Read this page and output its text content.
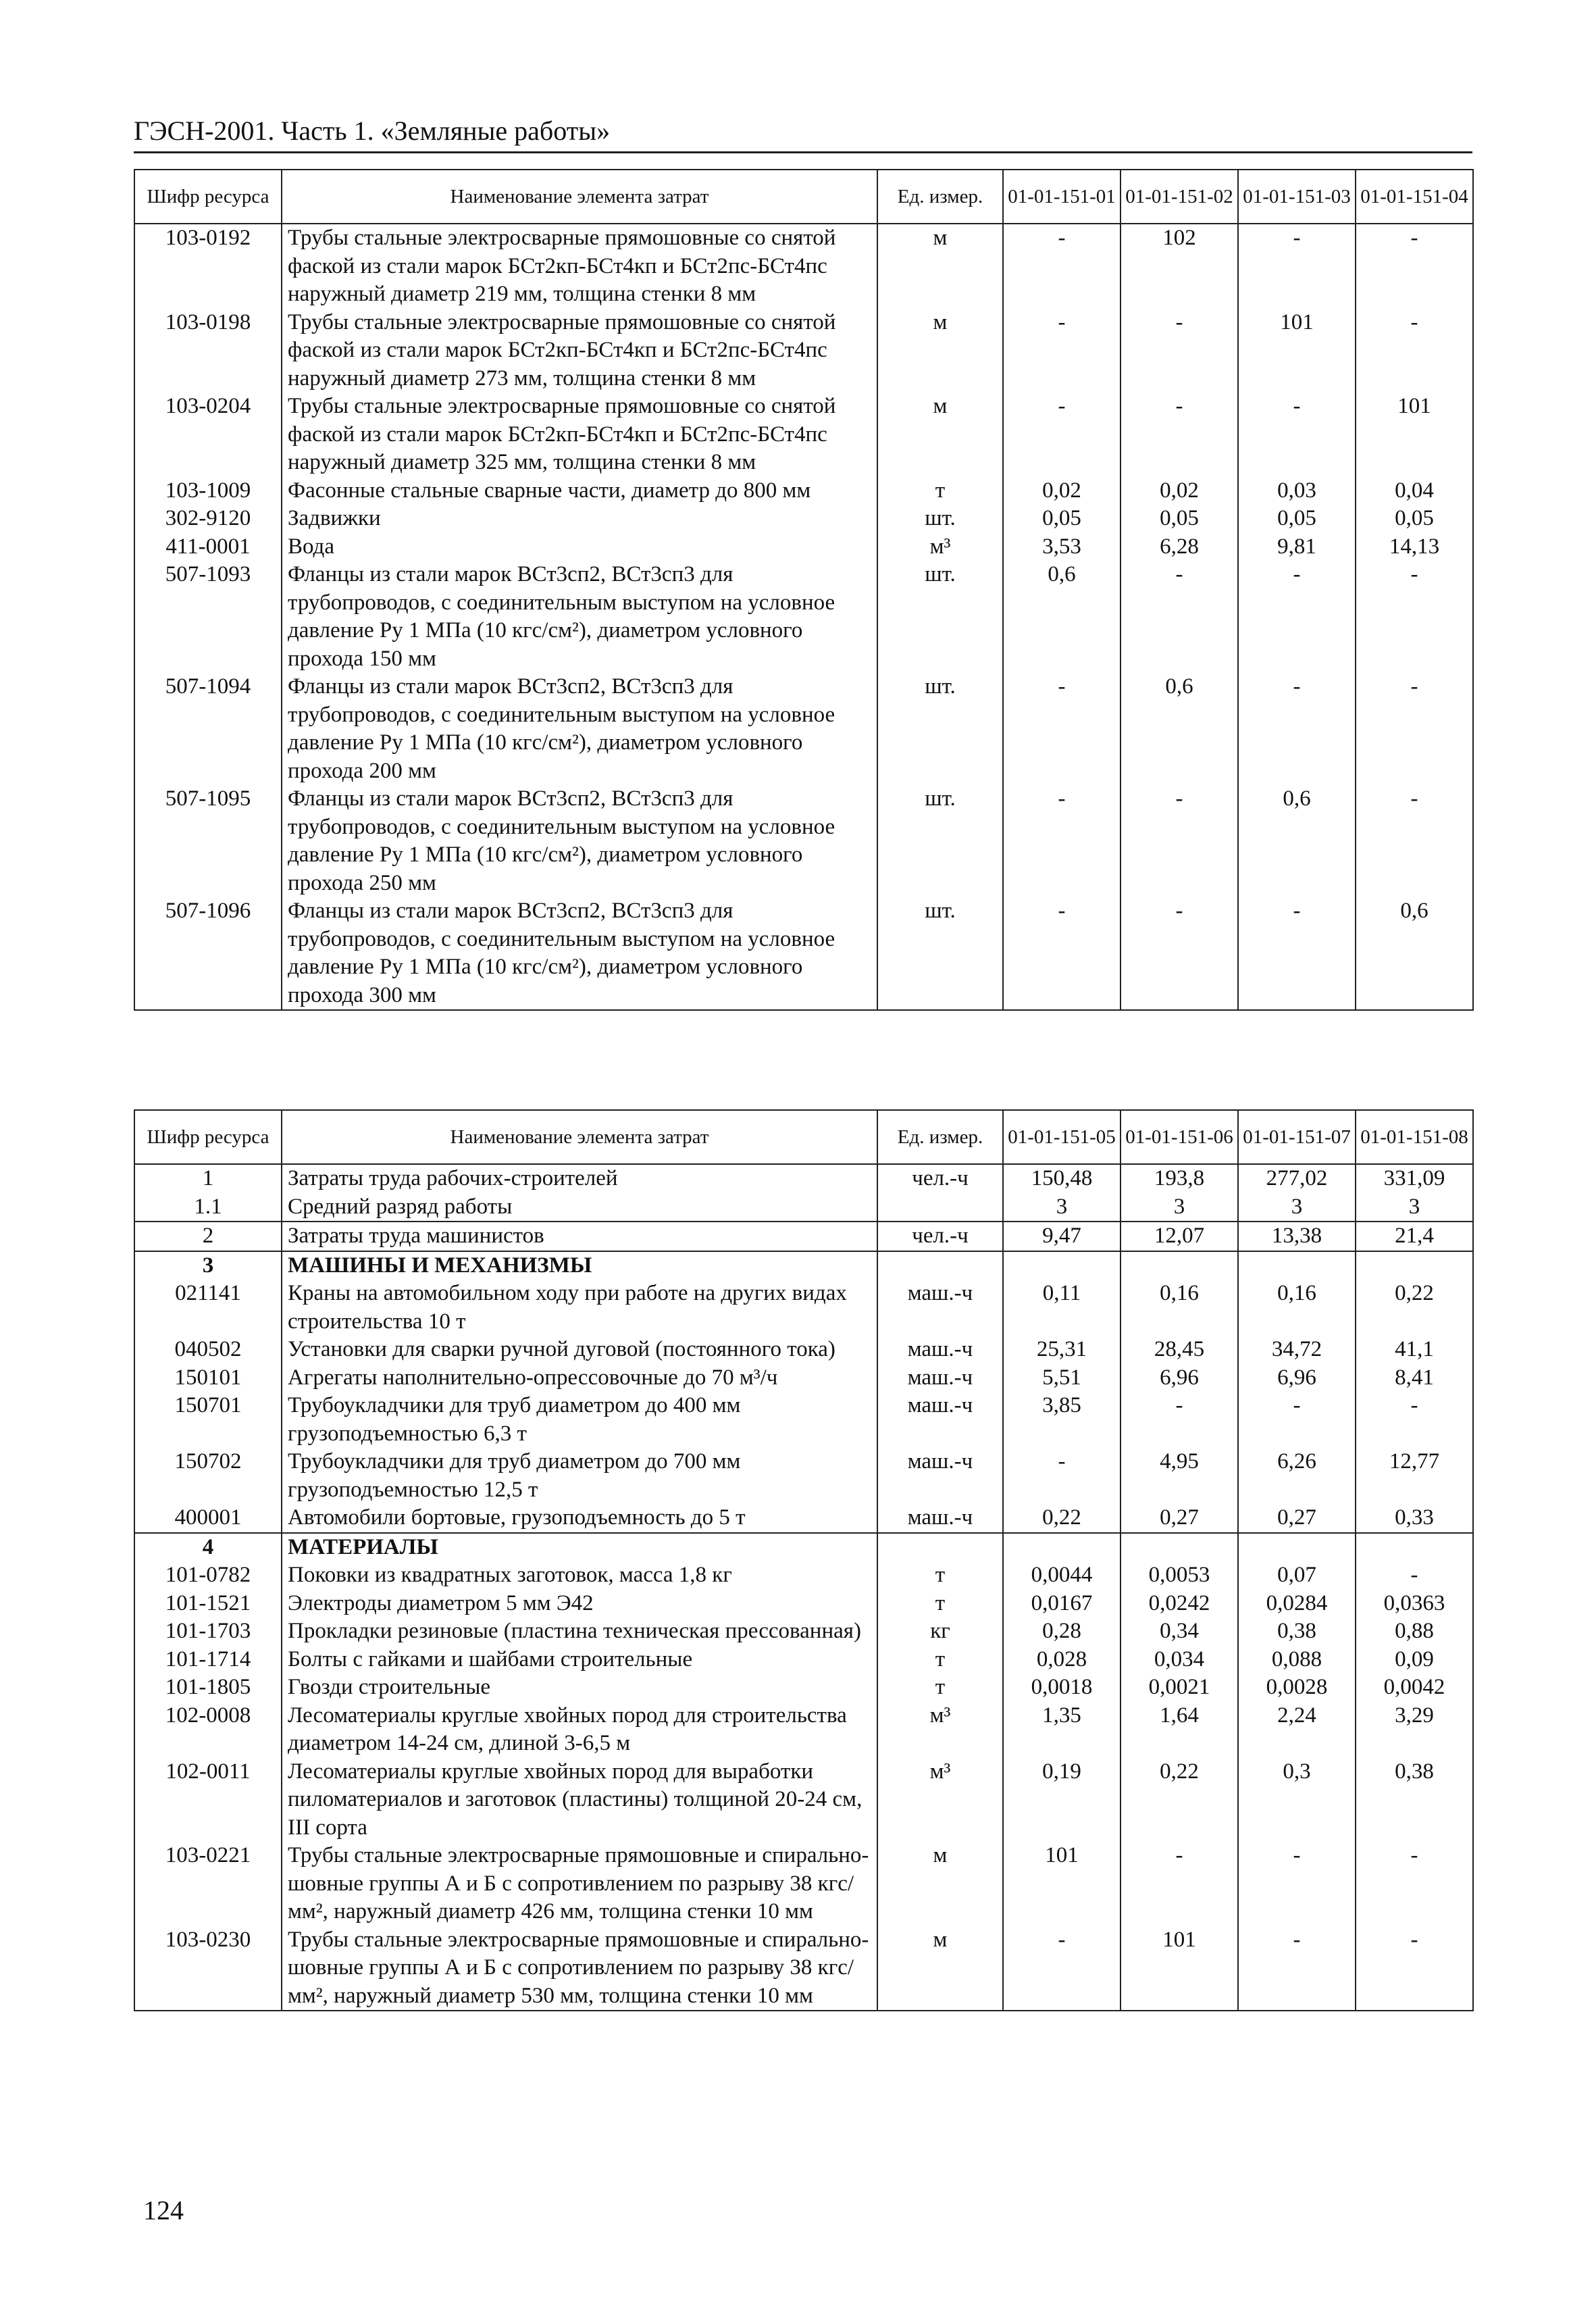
ГЭСН-2001. Часть 1. «Земляные работы»
Шифр ресурса	Наименование элемента затрат	Ед. измер.	01-01-151-01	01-01-151-02	01-01-151-03	01-01-151-04
103-0192	Трубы стальные электросварные прямошовные со снятой фаской из стали марок БСт2кп-БСт4кп и БСт2пс-БСт4пс наружный диаметр 219 мм, толщина стенки 8 мм	м	-	102	-	-
103-0198	Трубы стальные электросварные прямошовные со снятой фаской из стали марок БСт2кп-БСт4кп и БСт2пс-БСт4пс наружный диаметр 273 мм, толщина стенки 8 мм	м	-	-	101	-
103-0204	Трубы стальные электросварные прямошовные со снятой фаской из стали марок БСт2кп-БСт4кп и БСт2пс-БСт4пс наружный диаметр 325 мм, толщина стенки 8 мм	м	-	-	-	101
103-1009	Фасонные стальные сварные части, диаметр до 800 мм	т	0,02	0,02	0,03	0,04
302-9120	Задвижки	шт.	0,05	0,05	0,05	0,05
411-0001	Вода	м³	3,53	6,28	9,81	14,13
507-1093	Фланцы из стали марок ВСт3сп2, ВСт3сп3 для трубопроводов, с соединительным выступом на условное давление Ру 1 МПа (10 кгс/см²), диаметром условного прохода 150 мм	шт.	0,6	-	-	-
507-1094	Фланцы из стали марок ВСт3сп2, ВСт3сп3 для трубопроводов, с соединительным выступом на условное давление Ру 1 МПа (10 кгс/см²), диаметром условного прохода 200 мм	шт.	-	0,6	-	-
507-1095	Фланцы из стали марок ВСт3сп2, ВСт3сп3 для трубопроводов, с соединительным выступом на условное давление Ру 1 МПа (10 кгс/см²), диаметром условного прохода 250 мм	шт.	-	-	0,6	-
507-1096	Фланцы из стали марок ВСт3сп2, ВСт3сп3 для трубопроводов, с соединительным выступом на условное давление Ру 1 МПа (10 кгс/см²), диаметром условного прохода 300 мм	шт.	-	-	-	0,6
Шифр ресурса	Наименование элемента затрат	Ед. измер.	01-01-151-05	01-01-151-06	01-01-151-07	01-01-151-08
1	Затраты труда рабочих-строителей	чел.-ч	150,48	193,8	277,02	331,09
1.1	Средний разряд работы		3	3	3	3
2	Затраты труда машинистов	чел.-ч	9,47	12,07	13,38	21,4
3	МАШИНЫ И МЕХАНИЗМЫ					
021141	Краны на автомобильном ходу при работе на других видах строительства 10 т	маш.-ч	0,11	0,16	0,16	0,22
040502	Установки для сварки ручной дуговой (постоянного тока)	маш.-ч	25,31	28,45	34,72	41,1
150101	Агрегаты наполнительно-опрессовочные до 70 м³/ч	маш.-ч	5,51	6,96	6,96	8,41
150701	Трубоукладчики для труб диаметром до 400 мм грузоподъемностью 6,3 т	маш.-ч	3,85	-	-	-
150702	Трубоукладчики для труб диаметром до 700 мм грузоподъемностью 12,5 т	маш.-ч	-	4,95	6,26	12,77
400001	Автомобили бортовые, грузоподъемность до 5 т	маш.-ч	0,22	0,27	0,27	0,33
4	МАТЕРИАЛЫ					
101-0782	Поковки из квадратных заготовок, масса 1,8 кг	т	0,0044	0,0053	0,07	-
101-1521	Электроды диаметром 5 мм Э42	т	0,0167	0,0242	0,0284	0,0363
101-1703	Прокладки резиновые (пластина техническая прессованная)	кг	0,28	0,34	0,38	0,88
101-1714	Болты с гайками и шайбами строительные	т	0,028	0,034	0,088	0,09
101-1805	Гвозди строительные	т	0,0018	0,0021	0,0028	0,0042
102-0008	Лесоматериалы круглые хвойных пород для строительства диаметром 14-24 см, длиной 3-6,5 м	м³	1,35	1,64	2,24	3,29
102-0011	Лесоматериалы круглые хвойных пород для выработки пиломатериалов и заготовок (пластины) толщиной 20-24 см, III сорта	м³	0,19	0,22	0,3	0,38
103-0221	Трубы стальные электросварные прямошовные и спирально-шовные группы А и Б с сопротивлением по разрыву 38 кгс/мм², наружный диаметр 426 мм, толщина стенки 10 мм	м	101	-	-	-
103-0230	Трубы стальные электросварные прямошовные и спирально-шовные группы А и Б с сопротивлением по разрыву 38 кгс/мм², наружный диаметр 530 мм, толщина стенки 10 мм	м	-	101	-	-
124
